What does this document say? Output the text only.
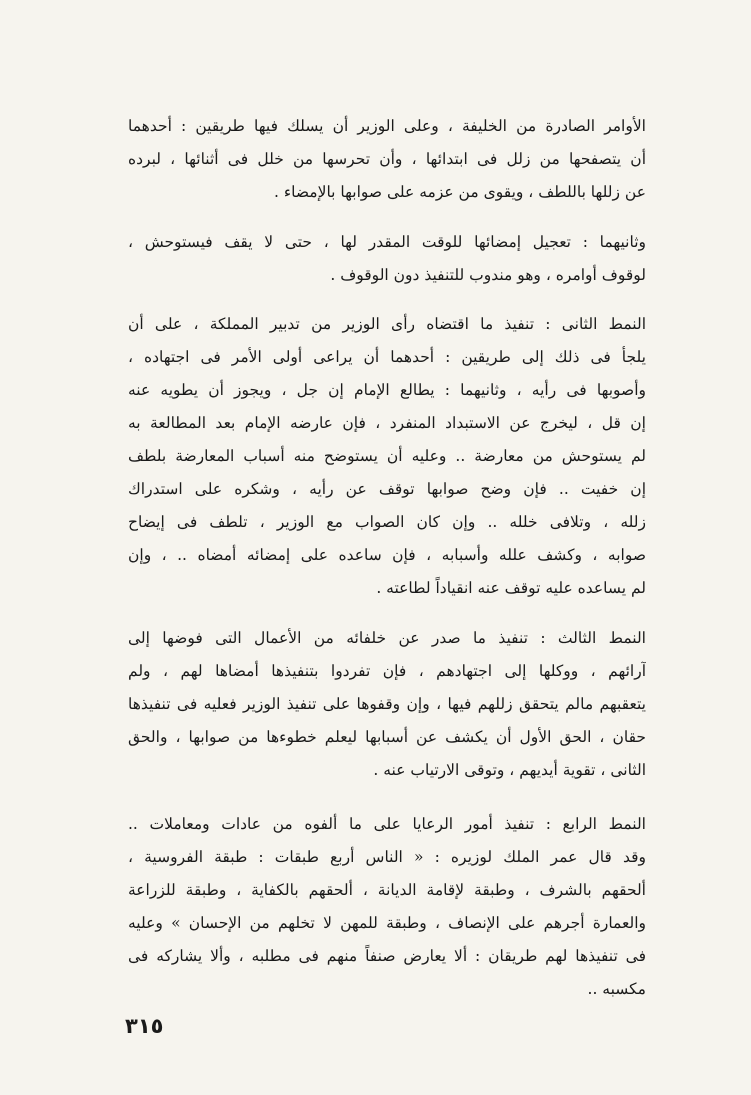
الأوامر الصادرة من الخليفة ، وعلى الوزير أن يسلك فيها طريقين : أحدهما
أن يتصفحها من زلل فى ابتدائها ، وأن تحرسها من خلل فى أثنائها ، لبرده
عن زللها باللطف ، ويقوى من عزمه على صوابها بالإمضاء .
وثانيهما : تعجيل إمضائها للوقت المقدر لها ، حتى لا يقف فيستوحش ،
لوقوف أوامره ، وهو مندوب للتنفيذ دون الوقوف .
النمط الثانى : تنفيذ ما اقتضاه رأى الوزير من تدبير المملكة ، على أن
يلجأ فى ذلك إلى طريقين : أحدهما أن يراعى أولى الأمر فى اجتهاده ،
وأصوبها فى رأيه ، وثانيهما : يطالع الإمام إن جل ، ويجوز أن يطويه عنه
إن قل ، ليخرج عن الاستبداد المنفرد ، فإن عارضه الإمام بعد المطالعة به
لم يستوحش من معارضة .. وعليه أن يستوضح منه أسباب المعارضة بلطف
إن خفيت .. فإن وضح صوابها توقف عن رأيه ، وشكره على استدراك
زلله ، وتلافى خلله .. وإن كان الصواب مع الوزير ، تلطف فى إيضاح
صوابه ، وكشف علله وأسبابه ، فإن ساعده على إمضائه أمضاه .. ، وإن
لم يساعده عليه توقف عنه انقياداً لطاعته .
النمط الثالث : تنفيذ ما صدر عن خلفائه من الأعمال التى فوضها إلى
آرائهم ، ووكلها إلى اجتهادهم ، فإن تفردوا بتنفيذها أمضاها لهم ، ولم
يتعقبهم مالم يتحقق زللهم فيها ، وإن وقفوها على تنفيذ الوزير فعليه فى تنفيذها
حقان ، الحق الأول أن يكشف عن أسبابها ليعلم خطوءها من صوابها ، والحق
الثانى ، تقوية أيديهم ، وتوقى الارتياب عنه .
النمط الرابع : تنفيذ أمور الرعايا على ما ألفوه من عادات ومعاملات ..
وقد قال عمر الملك لوزيره : « الناس أربع طبقات : طبقة الفروسية ،
ألحقهم بالشرف ، وطبقة لإقامة الديانة ، ألحقهم بالكفاية ، وطبقة للزراعة
والعمارة أجرهم على الإنصاف ، وطبقة للمهن لا تخلهم من الإحسان » وعليه
فى تنفيذها لهم طريقان : ألا يعارض صنفاً منهم فى مطلبه ، وألا يشاركه فى
مكسبه ..
٣١٥
